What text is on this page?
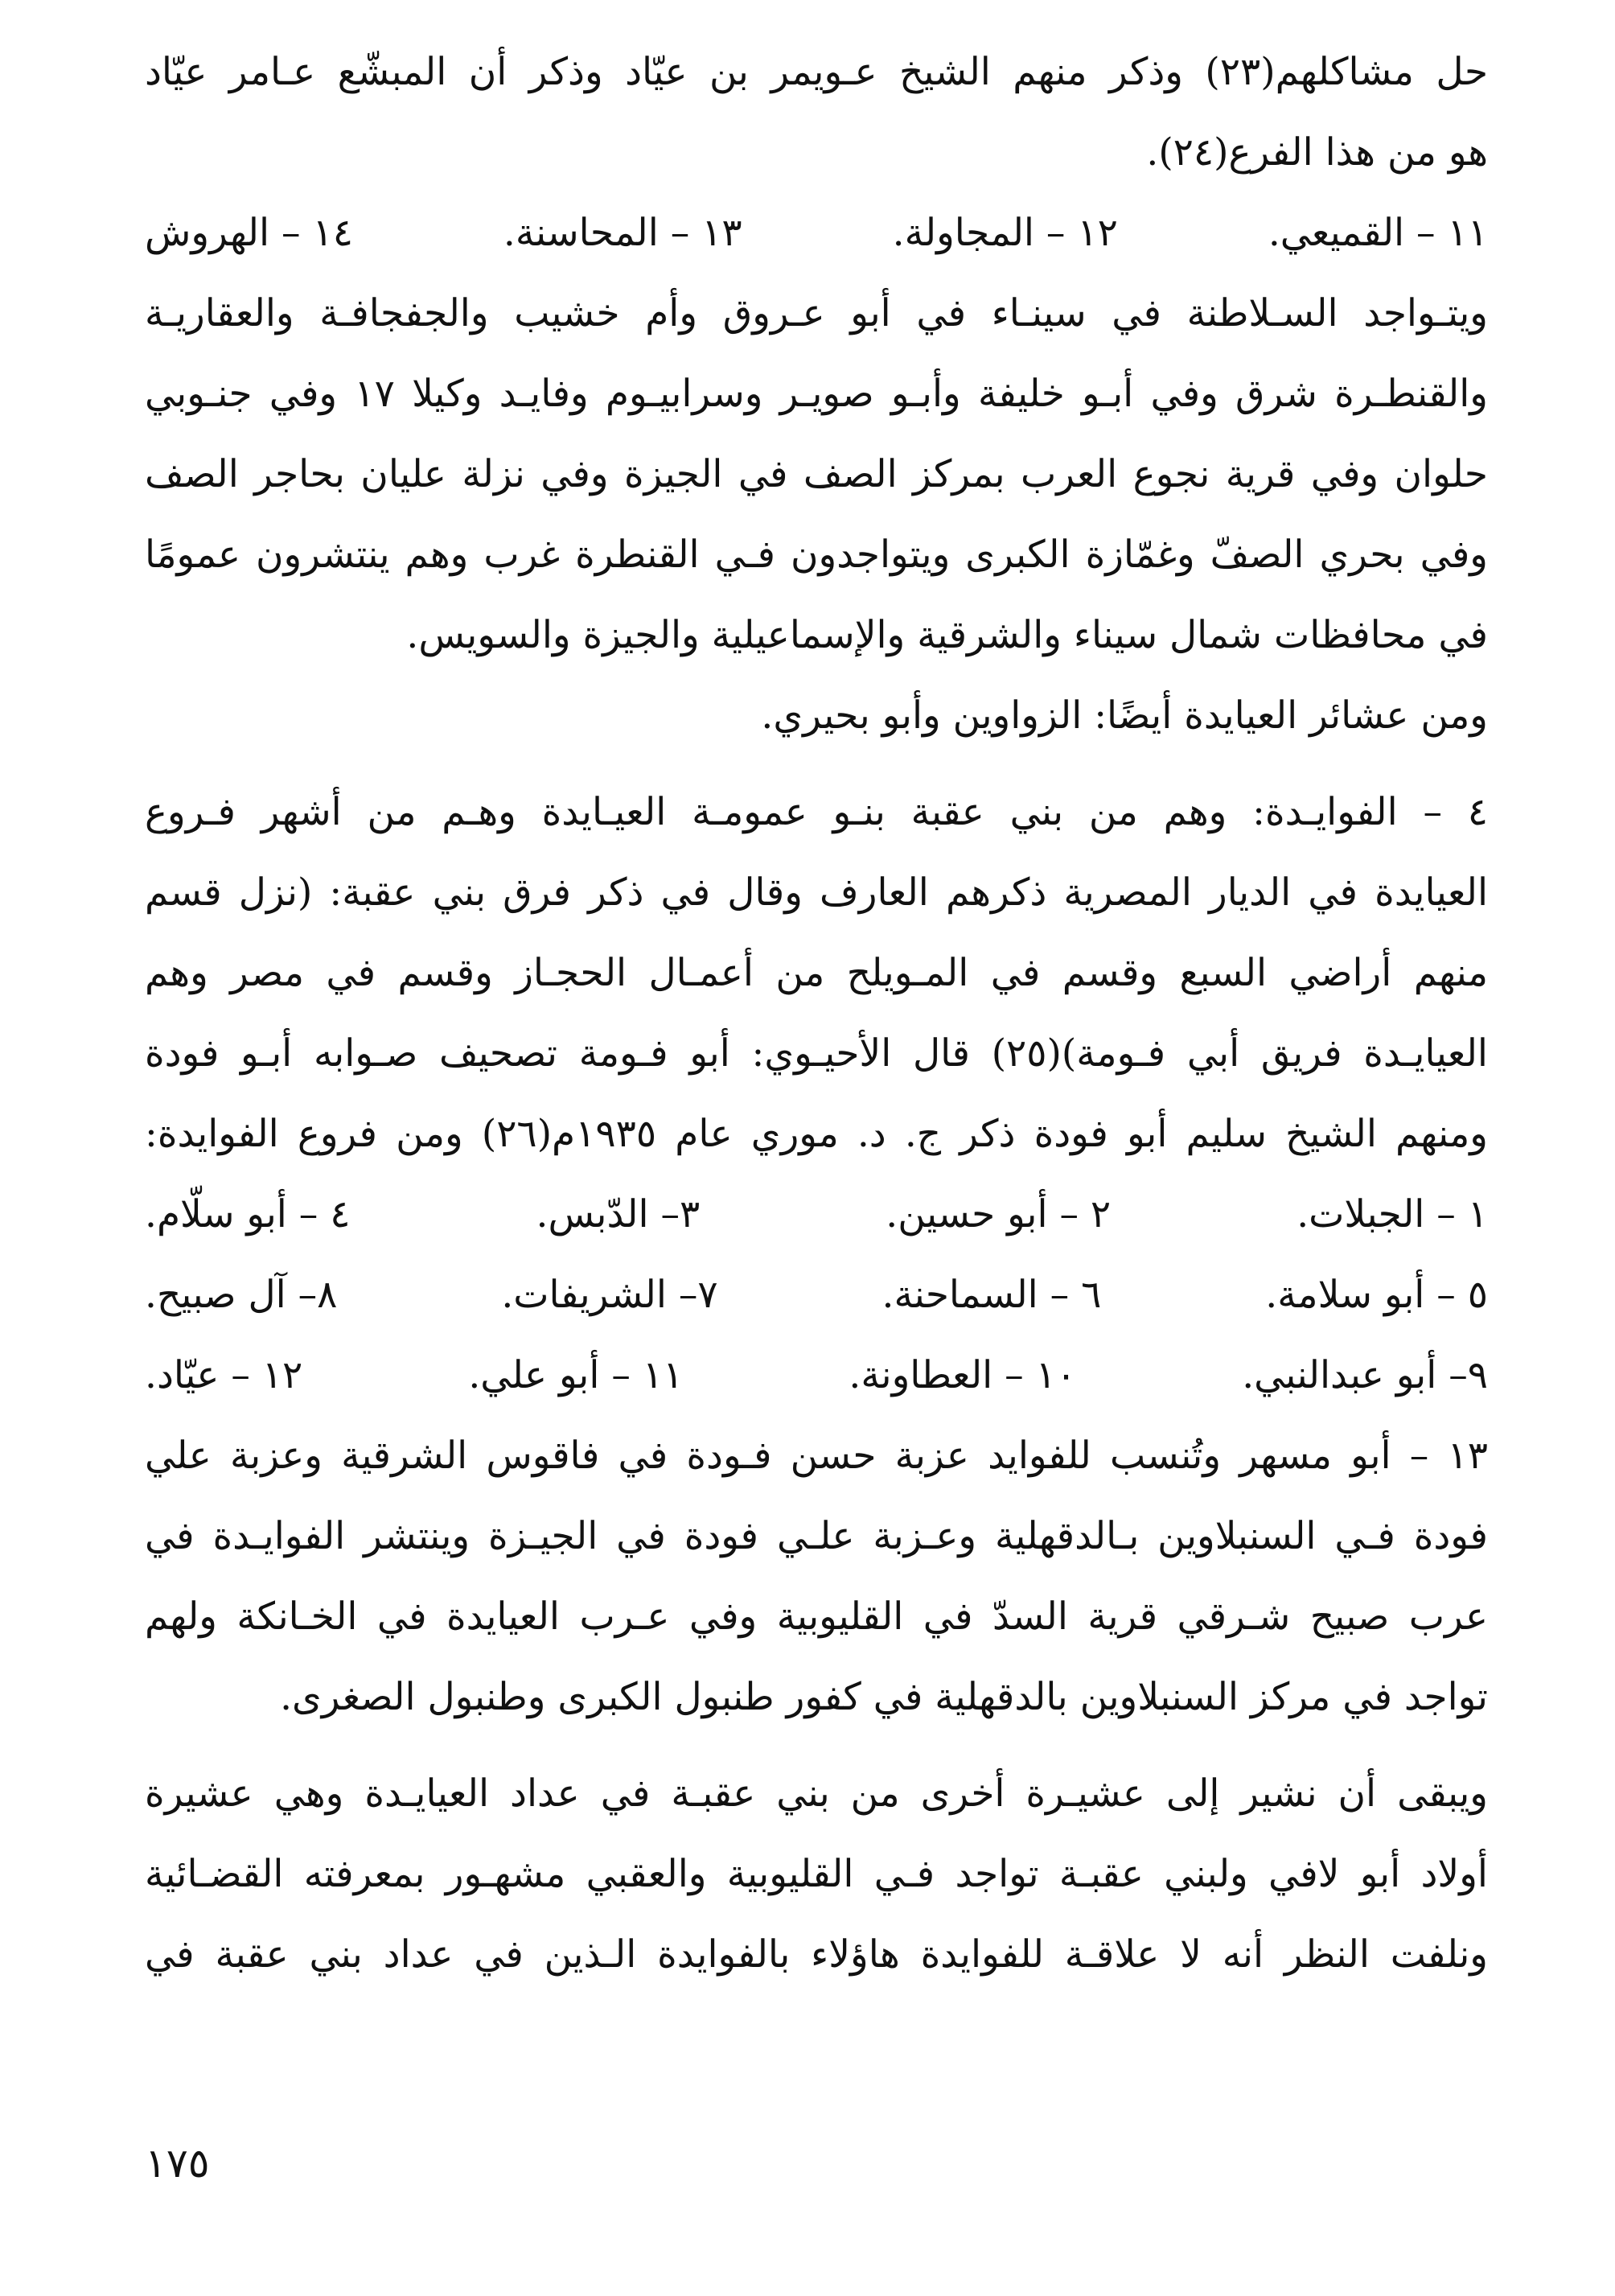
حل مشاكلهم(٢٣) وذكر منهم الشيخ عـويمر بن عيّاد وذكر أن المبشّع عـامر عيّاد
هو من هذا الفرع(٢٤).
١١ – القميعي.
١٢ – المجاولة.
١٣ – المحاسنة.
١٤ – الهروش
ويتـواجد السـلاطنة في سينـاء في أبو عـروق وأم خشيب والجفجافـة والعقاريـة
والقنطـرة شرق وفي أبـو خليفة وأبـو صويـر وسرابيـوم وفايـد وكيلا ١٧ وفي جنـوبي
حلوان وفي قرية نجوع العرب بمركز الصف في الجيزة وفي نزلة عليان بحاجر الصف
وفي بحري الصفّ وغمّازة الكبرى ويتواجدون فـي القنطرة غرب وهم ينتشرون عمومًا
في محافظات شمال سيناء والشرقية والإسماعيلية والجيزة والسويس.
ومن عشائر العيايدة أيضًا: الزواوين وأبو بحيري.
٤ – الفوايـدة: وهم من بني عقبة بنـو عمومـة العيـايدة وهـم من أشهر فـروع
العيايدة في الديار المصرية ذكرهم العارف وقال في ذكر فرق بني عقبة: (نزل قسم
منهم أراضي السبع وقسم في المـويلح من أعمـال الحجـاز وقسم في مصر وهم
العيايـدة فريق أبي فـومة)(٢٥) قال الأحيـوي: أبو فـومة تصحيف صـوابه أبـو فودة
ومنهم الشيخ سليم أبو فودة ذكر ج. د. موري عام ١٩٣٥م(٢٦) ومن فروع الفوايدة:
١ – الجبلات.
٢ – أبو حسين.
٣– الدّبس.
٤ – أبو سلّام.
٥ – أبو سلامة.
٦ – السماحنة.
٧– الشريفات.
٨– آل صبيح.
٩– أبو عبدالنبي.
١٠ – العطاونة.
١١ – أبو علي.
١٢ – عيّاد.
١٣ – أبو مسهر وتُنسب للفوايد عزبة حسن فـودة في فاقوس الشرقية وعزبة علي
فودة فـي السنبلاوين بـالدقهلية وعـزبة علـي فودة في الجيـزة وينتشر الفوايـدة في
عرب صبيح شـرقي قرية السدّ في القليوبية وفي عـرب العيايدة في الخـانكة ولهم
تواجد في مركز السنبلاوين بالدقهلية في كفور طنبول الكبرى وطنبول الصغرى.
ويبقى أن نشير إلى عشيـرة أخرى من بني عقبـة في عداد العيايـدة وهي عشيرة
أولاد أبو لافي ولبني عقبـة تواجد فـي القليوبية والعقبي مشهـور بمعرفته القضـائية
ونلفت النظر أنه لا علاقـة للفوايدة هاؤلاء بالفوايدة الـذين في عداد بني عقبة في
١٧٥
